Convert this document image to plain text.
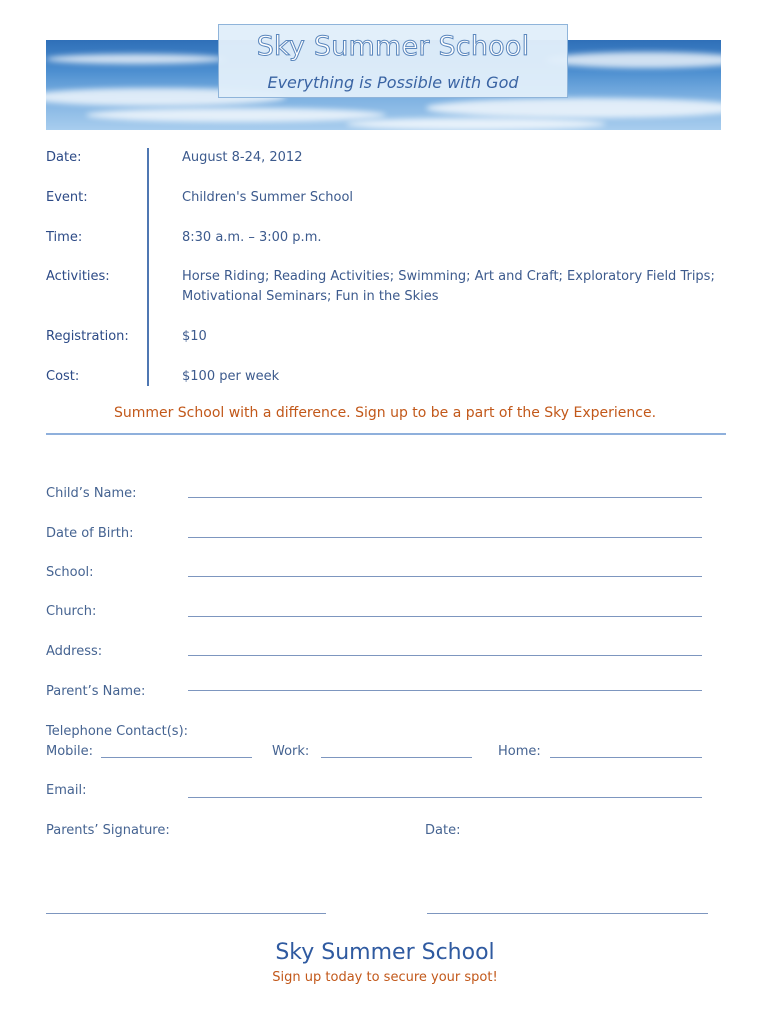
Sky Summer School
Everything is Possible with God
Date:	August 8-24, 2012
Event:	Children's Summer School
Time:	8:30 a.m. – 3:00 p.m.
Activities:	Horse Riding; Reading Activities; Swimming; Art and Craft; Exploratory Field Trips;
Motivational Seminars; Fun in the Skies
Registration:	$10
Cost:	$100 per week
Summer School with a difference. Sign up to be a part of the Sky Experience.
Child’s Name:
Date of Birth:
School:
Church:
Address:
Parent’s Name:
Telephone Contact(s):
Mobile:	Work:	Home:
Email:
Parents’ Signature:	Date:
Sky Summer School
Sign up today to secure your spot!
